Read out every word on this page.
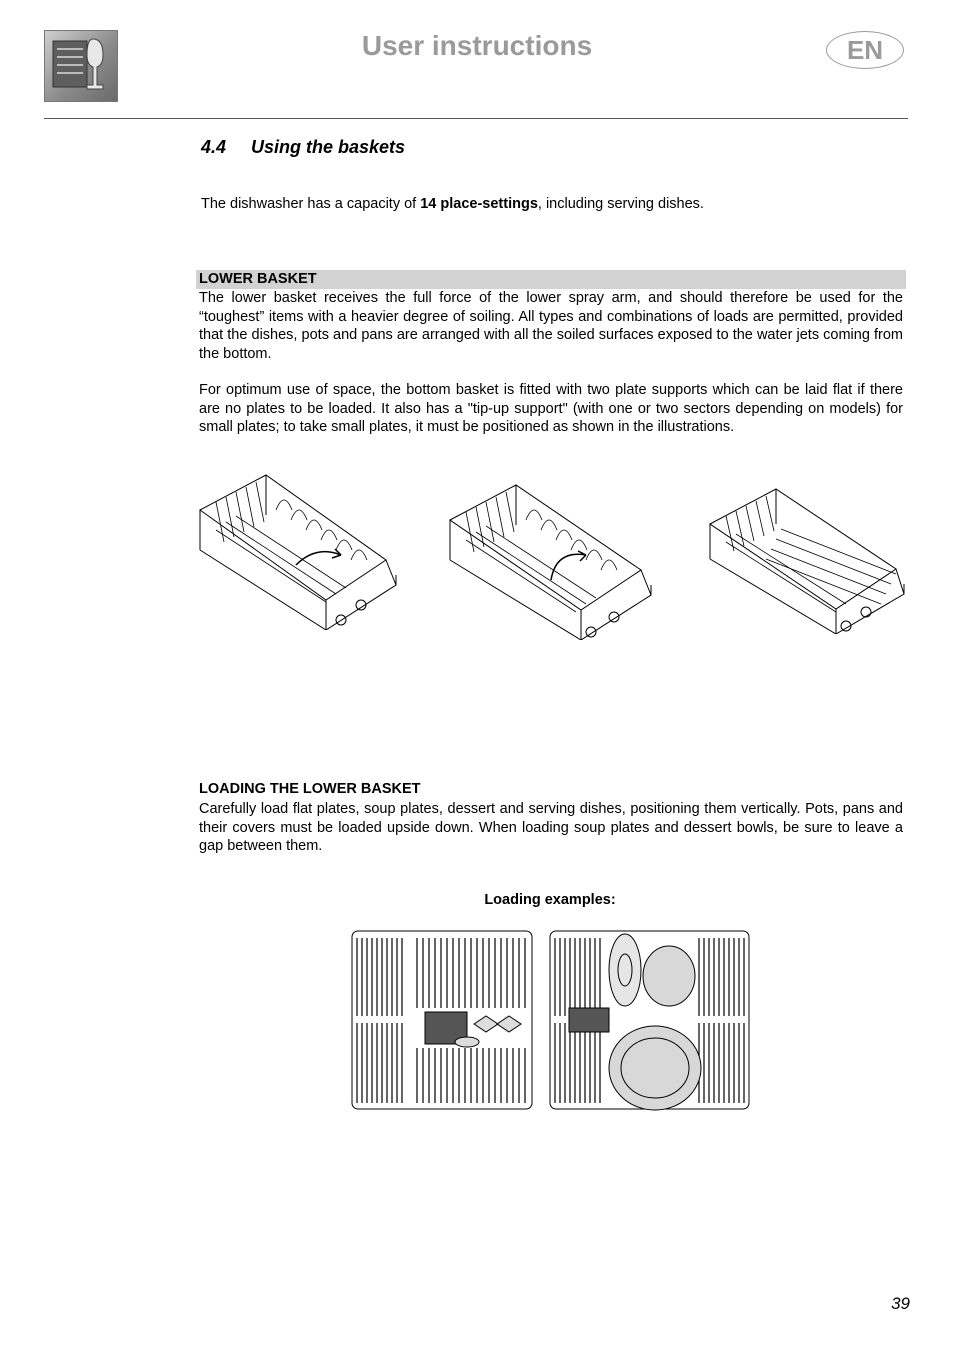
User instructions	EN
4.4 Using the baskets
The dishwasher has a capacity of 14 place-settings, including serving dishes.
LOWER BASKET
The lower basket receives the full force of the lower spray arm, and should therefore be used for the “toughest” items with a heavier degree of soiling. All types and combinations of loads are permitted, provided that the dishes, pots and pans are arranged with all the soiled surfaces exposed to the water jets coming from the bottom.
For optimum use of space, the bottom basket is fitted with two plate supports which can be laid flat if there are no plates to be loaded. It also has a "tip-up support" (with one or two sectors depending on models) for small plates; to take small plates, it must be positioned as shown in the illustrations.
LOADING THE LOWER BASKET
Carefully load flat plates, soup plates, dessert and serving dishes, positioning them vertically. Pots, pans and their covers must be loaded upside down. When loading soup plates and dessert bowls, be sure to leave a gap between them.
Loading examples:
39
